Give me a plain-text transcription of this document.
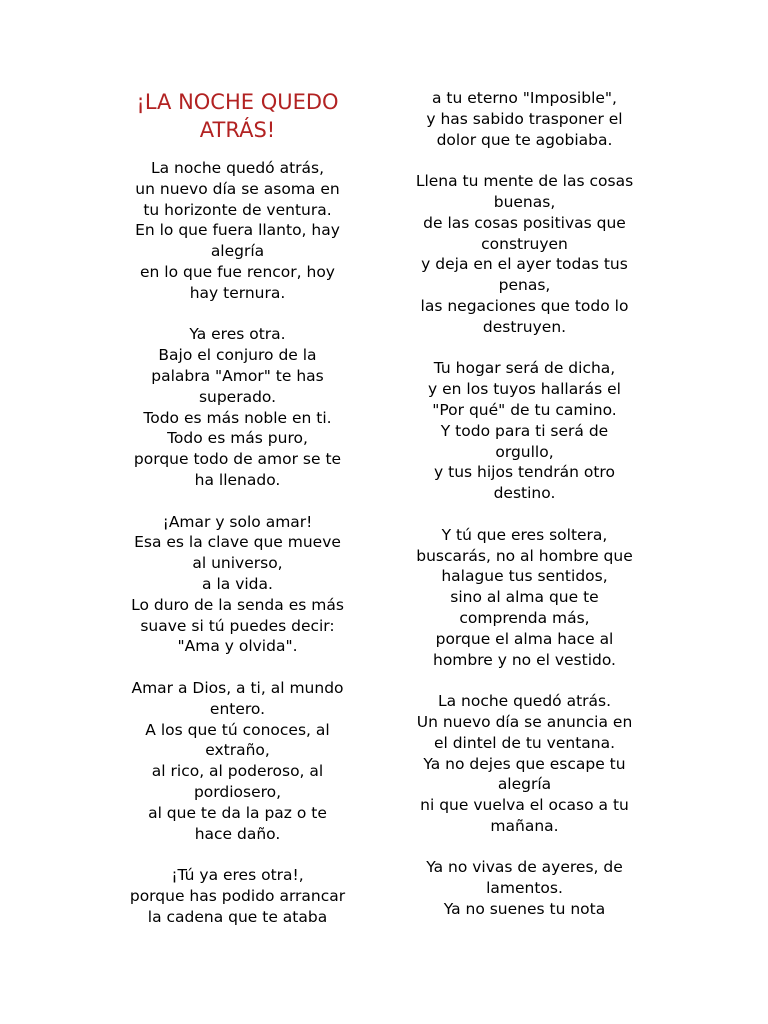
¡LA NOCHE QUEDO
ATRÁS!
La noche quedó atrás,
un nuevo día se asoma en
tu horizonte de ventura.
En lo que fuera llanto, hay
alegría
en lo que fue rencor, hoy
hay ternura.
Ya eres otra.
Bajo el conjuro de la
palabra "Amor" te has
superado.
Todo es más noble en ti.
Todo es más puro,
porque todo de amor se te
ha llenado.
¡Amar y solo amar!
Esa es la clave que mueve
al universo,
a la vida.
Lo duro de la senda es más
suave si tú puedes decir:
"Ama y olvida".
Amar a Dios, a ti, al mundo
entero.
A los que tú conoces, al
extraño,
al rico, al poderoso, al
pordiosero,
al que te da la paz o te
hace daño.
¡Tú ya eres otra!,
porque has podido arrancar
la cadena que te ataba
a tu eterno "Imposible",
y has sabido trasponer el
dolor que te agobiaba.
Llena tu mente de las cosas
buenas,
de las cosas positivas que
construyen
y deja en el ayer todas tus
penas,
las negaciones que todo lo
destruyen.
Tu hogar será de dicha,
y en los tuyos hallarás el
"Por qué" de tu camino.
Y todo para ti será de
orgullo,
y tus hijos tendrán otro
destino.
Y tú que eres soltera,
buscarás, no al hombre que
halague tus sentidos,
sino al alma que te
comprenda más,
porque el alma hace al
hombre y no el vestido.
La noche quedó atrás.
Un nuevo día se anuncia en
el dintel de tu ventana.
Ya no dejes que escape tu
alegría
ni que vuelva el ocaso a tu
mañana.
Ya no vivas de ayeres, de
lamentos.
Ya no suenes tu nota
